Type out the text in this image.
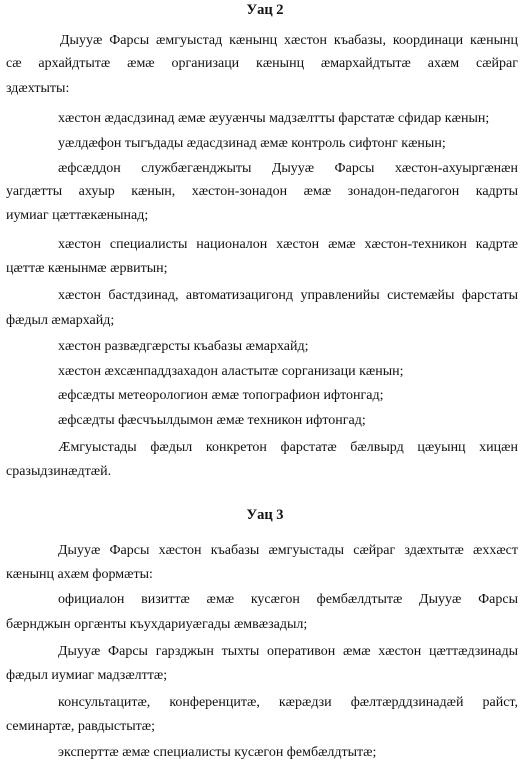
Уац 2
Дыууæ Фарсы æмгуыстад кæнынц хæстон къабазы, координаци кæнынц
сæ архайдтытæ æмæ организаци кæнынц æмархайдтытæ ахæм сæйраг
здæхтыты:
хæстон æдасдзинад æмæ æууæнчы мадзæлтты фарстатæ сфидар кæнын;
уæлдæфон тыгъдады æдасдзинад æмæ контроль сифтонг кæнын;
æфсæддон службæгæнджыты Дыууæ Фарсы хæстон-ахуыргæнæн
уагдæтты ахуыр кæнын, хæстон-зонадон æмæ зонадон-педагогон кадрты
иумиаг цæттæкæнынад;
хæстон специалисты националон хæстон æмæ хæстон-техникон кадртæ
цæттæ кæнынмæ æрвитын;
хæстон бастдзинад, автоматизацигонд управленийы системæйы фарстаты
фæдыл æмархайд;
хæстон развæдгæрсты къабазы æмархайд;
хæстон æхсæнпаддзахадон аластытæ сорганизаци кæнын;
æфсæдты метеорологион æмæ топографион ифтонгад;
æфсæдты фæсчъылдымон æмæ техникон ифтонгад;
Æмгуыстады фæдыл конкретон фарстатæ бæлвырд цæуынц хицæн
сразыдзинæдтæй.
Уац 3
Дыууæ Фарсы хæстон къабазы æмгуыстады сæйраг здæхтытæ æххæст
кæнынц ахæм формæты:
официалон визиттæ æмæ кусæгон фембæлдтытæ Дыууæ Фарсы
бæрнджын оргæнты къухдариуæгады æмвæзадыл;
Дыууæ Фарсы гарзджын тыхты оперативон æмæ хæстон цæттæдзинады
фæдыл иумиаг мадзæлттæ;
консультацитæ, конференцитæ, кæрæдзи фæлтæрддзинадæй райст,
семинартæ, равдыстытæ;
эксперттæ æмæ специалисты кусæгон фембæлдтытæ;
